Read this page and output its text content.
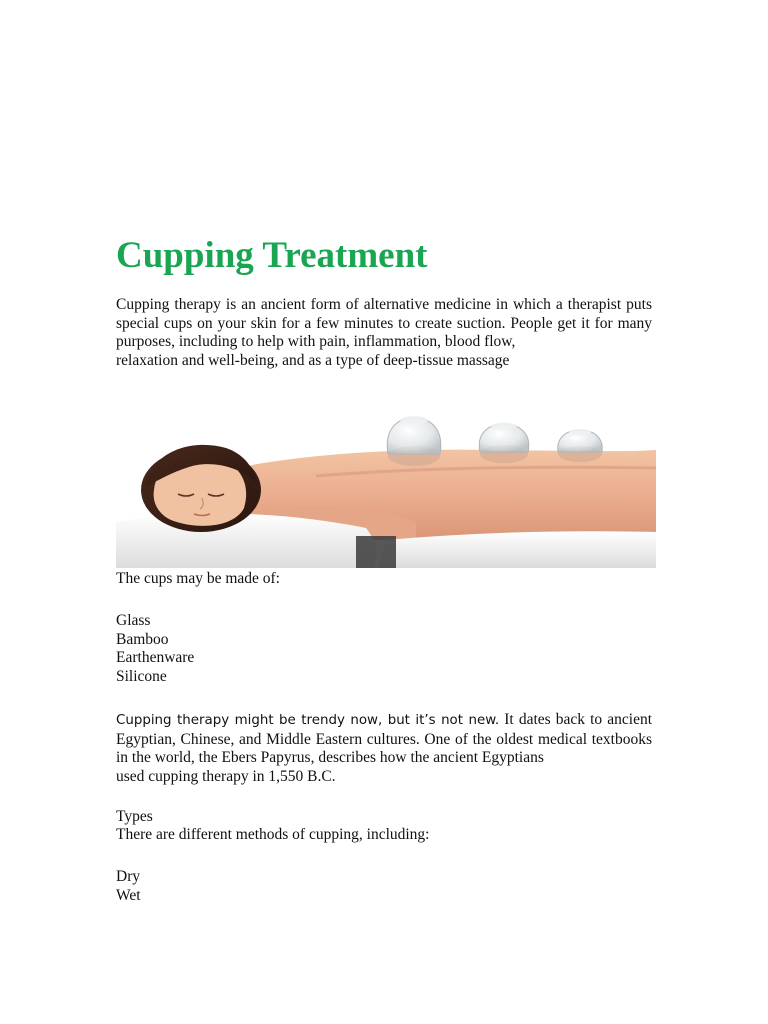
Cupping Treatment

Cupping therapy is an ancient form of alternative medicine in which a therapist puts special cups on your skin for a few minutes to create suction. People get it for many purposes, including to help with pain, inflammation, blood flow,
relaxation and well-being, and as a type of deep-tissue massage

The cups may be made of:

Glass
Bamboo
Earthenware
Silicone

Cupping therapy might be trendy now, but it’s not new. It dates back to ancient Egyptian, Chinese, and Middle Eastern cultures. One of the oldest medical textbooks in the world, the Ebers Papyrus, describes how the ancient Egyptians
used cupping therapy in 1,550 B.C.

Types

There are different methods of cupping, including:

Dry
Wet
